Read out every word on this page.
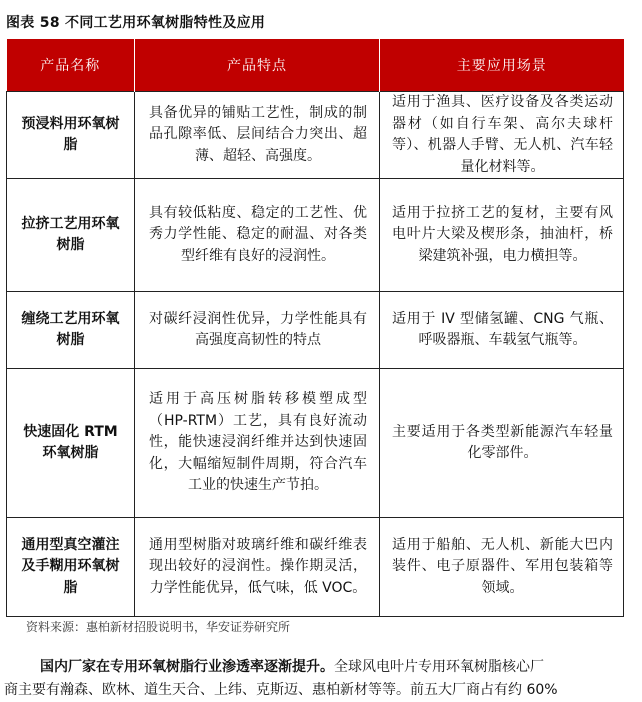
图表 58 不同工艺用环氧树脂特性及应用
产品名称	产品特点	主要应用场景
预浸料用环氧树脂	具备优异的铺贴工艺性，制成的制品孔隙率低、层间结合力突出、超薄、超轻、高强度。	适用于渔具、医疗设备及各类运动器材（如自行车架、高尔夫球杆等）、机器人手臂、无人机、汽车轻量化材料等。
拉挤工艺用环氧树脂	具有较低粘度、稳定的工艺性、优秀力学性能、稳定的耐温、对各类型纤维有良好的浸润性。	适用于拉挤工艺的复材，主要有风电叶片大梁及楔形条，抽油杆，桥梁建筑补强，电力横担等。
缠绕工艺用环氧树脂	对碳纤浸润性优异，力学性能具有高强度高韧性的特点	适用于 IV 型储氢罐、CNG 气瓶、呼吸器瓶、车载氢气瓶等。
快速固化 RTM 环氧树脂	适用于高压树脂转移模塑成型（HP-RTM）工艺，具有良好流动性，能快速浸润纤维并达到快速固化，大幅缩短制件周期，符合汽车工业的快速生产节拍。	主要适用于各类型新能源汽车轻量化零部件。
通用型真空灌注及手糊用环氧树脂	通用型树脂对玻璃纤维和碳纤维表现出较好的浸润性。操作期灵活，力学性能优异，低气味，低 VOC。	适用于船舶、无人机、新能大巴内装件、电子原器件、军用包装箱等领域。
资料来源：惠柏新材招股说明书，华安证券研究所
国内厂家在专用环氧树脂行业渗透率逐渐提升。全球风电叶片专用环氧树脂核心厂
商主要有瀚森、欧林、道生天合、上纬、克斯迈、惠柏新材等等。前五大厂商占有约 60%
